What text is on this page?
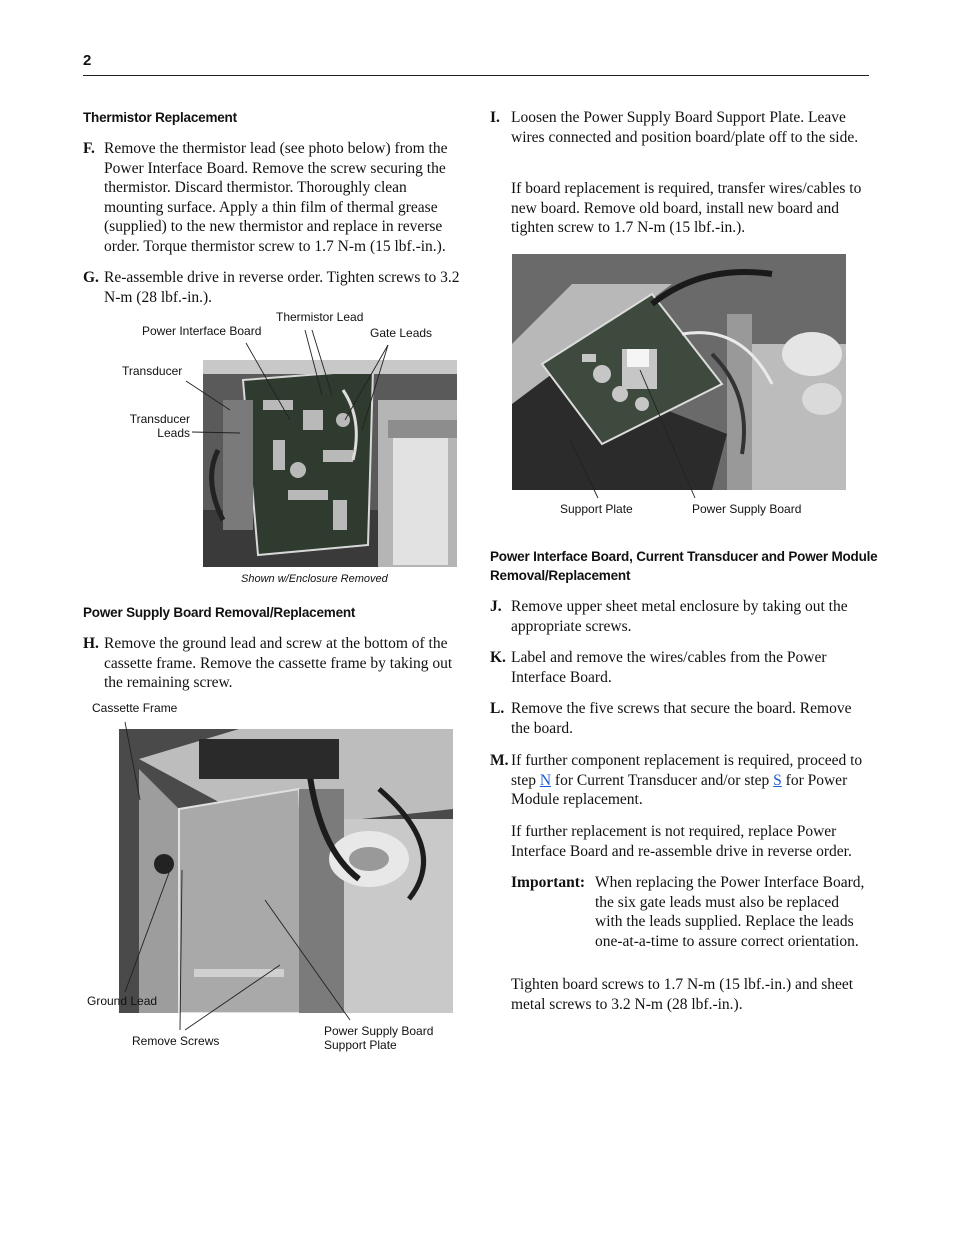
2
Thermistor Replacement
F. Remove the thermistor lead (see photo below) from the Power Interface Board. Remove the screw securing the thermistor. Discard thermistor. Thoroughly clean mounting surface. Apply a thin film of thermal grease (supplied) to the new thermistor and replace in reverse order. Torque thermistor screw to 1.7 N-m (15 lbf.-in.).
G. Re-assemble drive in reverse order. Tighten screws to 3.2 N-m (28 lbf.-in.).
Power Interface Board
Thermistor Lead
Gate Leads
Transducer
Transducer
Leads
Shown w/Enclosure Removed
Power Supply Board Removal/Replacement
H. Remove the ground lead and screw at the bottom of the cassette frame. Remove the cassette frame by taking out the remaining screw.
Cassette Frame
Ground Lead
Remove Screws
Power Supply Board
Support Plate
I. Loosen the Power Supply Board Support Plate. Leave wires connected and position board/plate off to the side.
If board replacement is required, transfer wires/cables to new board. Remove old board, install new board and tighten screw to 1.7 N-m (15 lbf.-in.).
Support Plate	Power Supply Board
Power Interface Board, Current Transducer and Power Module
Removal/Replacement
J. Remove upper sheet metal enclosure by taking out the appropriate screws.
K. Label and remove the wires/cables from the Power Interface Board.
L. Remove the five screws that secure the board. Remove the board.
M. If further component replacement is required, proceed to step N for Current Transducer and/or step S for Power Module replacement.
If further replacement is not required, replace Power Interface Board and re-assemble drive in reverse order.
Important: When replacing the Power Interface Board, the six gate leads must also be replaced with the leads supplied. Replace the leads one-at-a-time to assure correct orientation.
Tighten board screws to 1.7 N-m (15 lbf.-in.) and sheet metal screws to 3.2 N-m (28 lbf.-in.).
